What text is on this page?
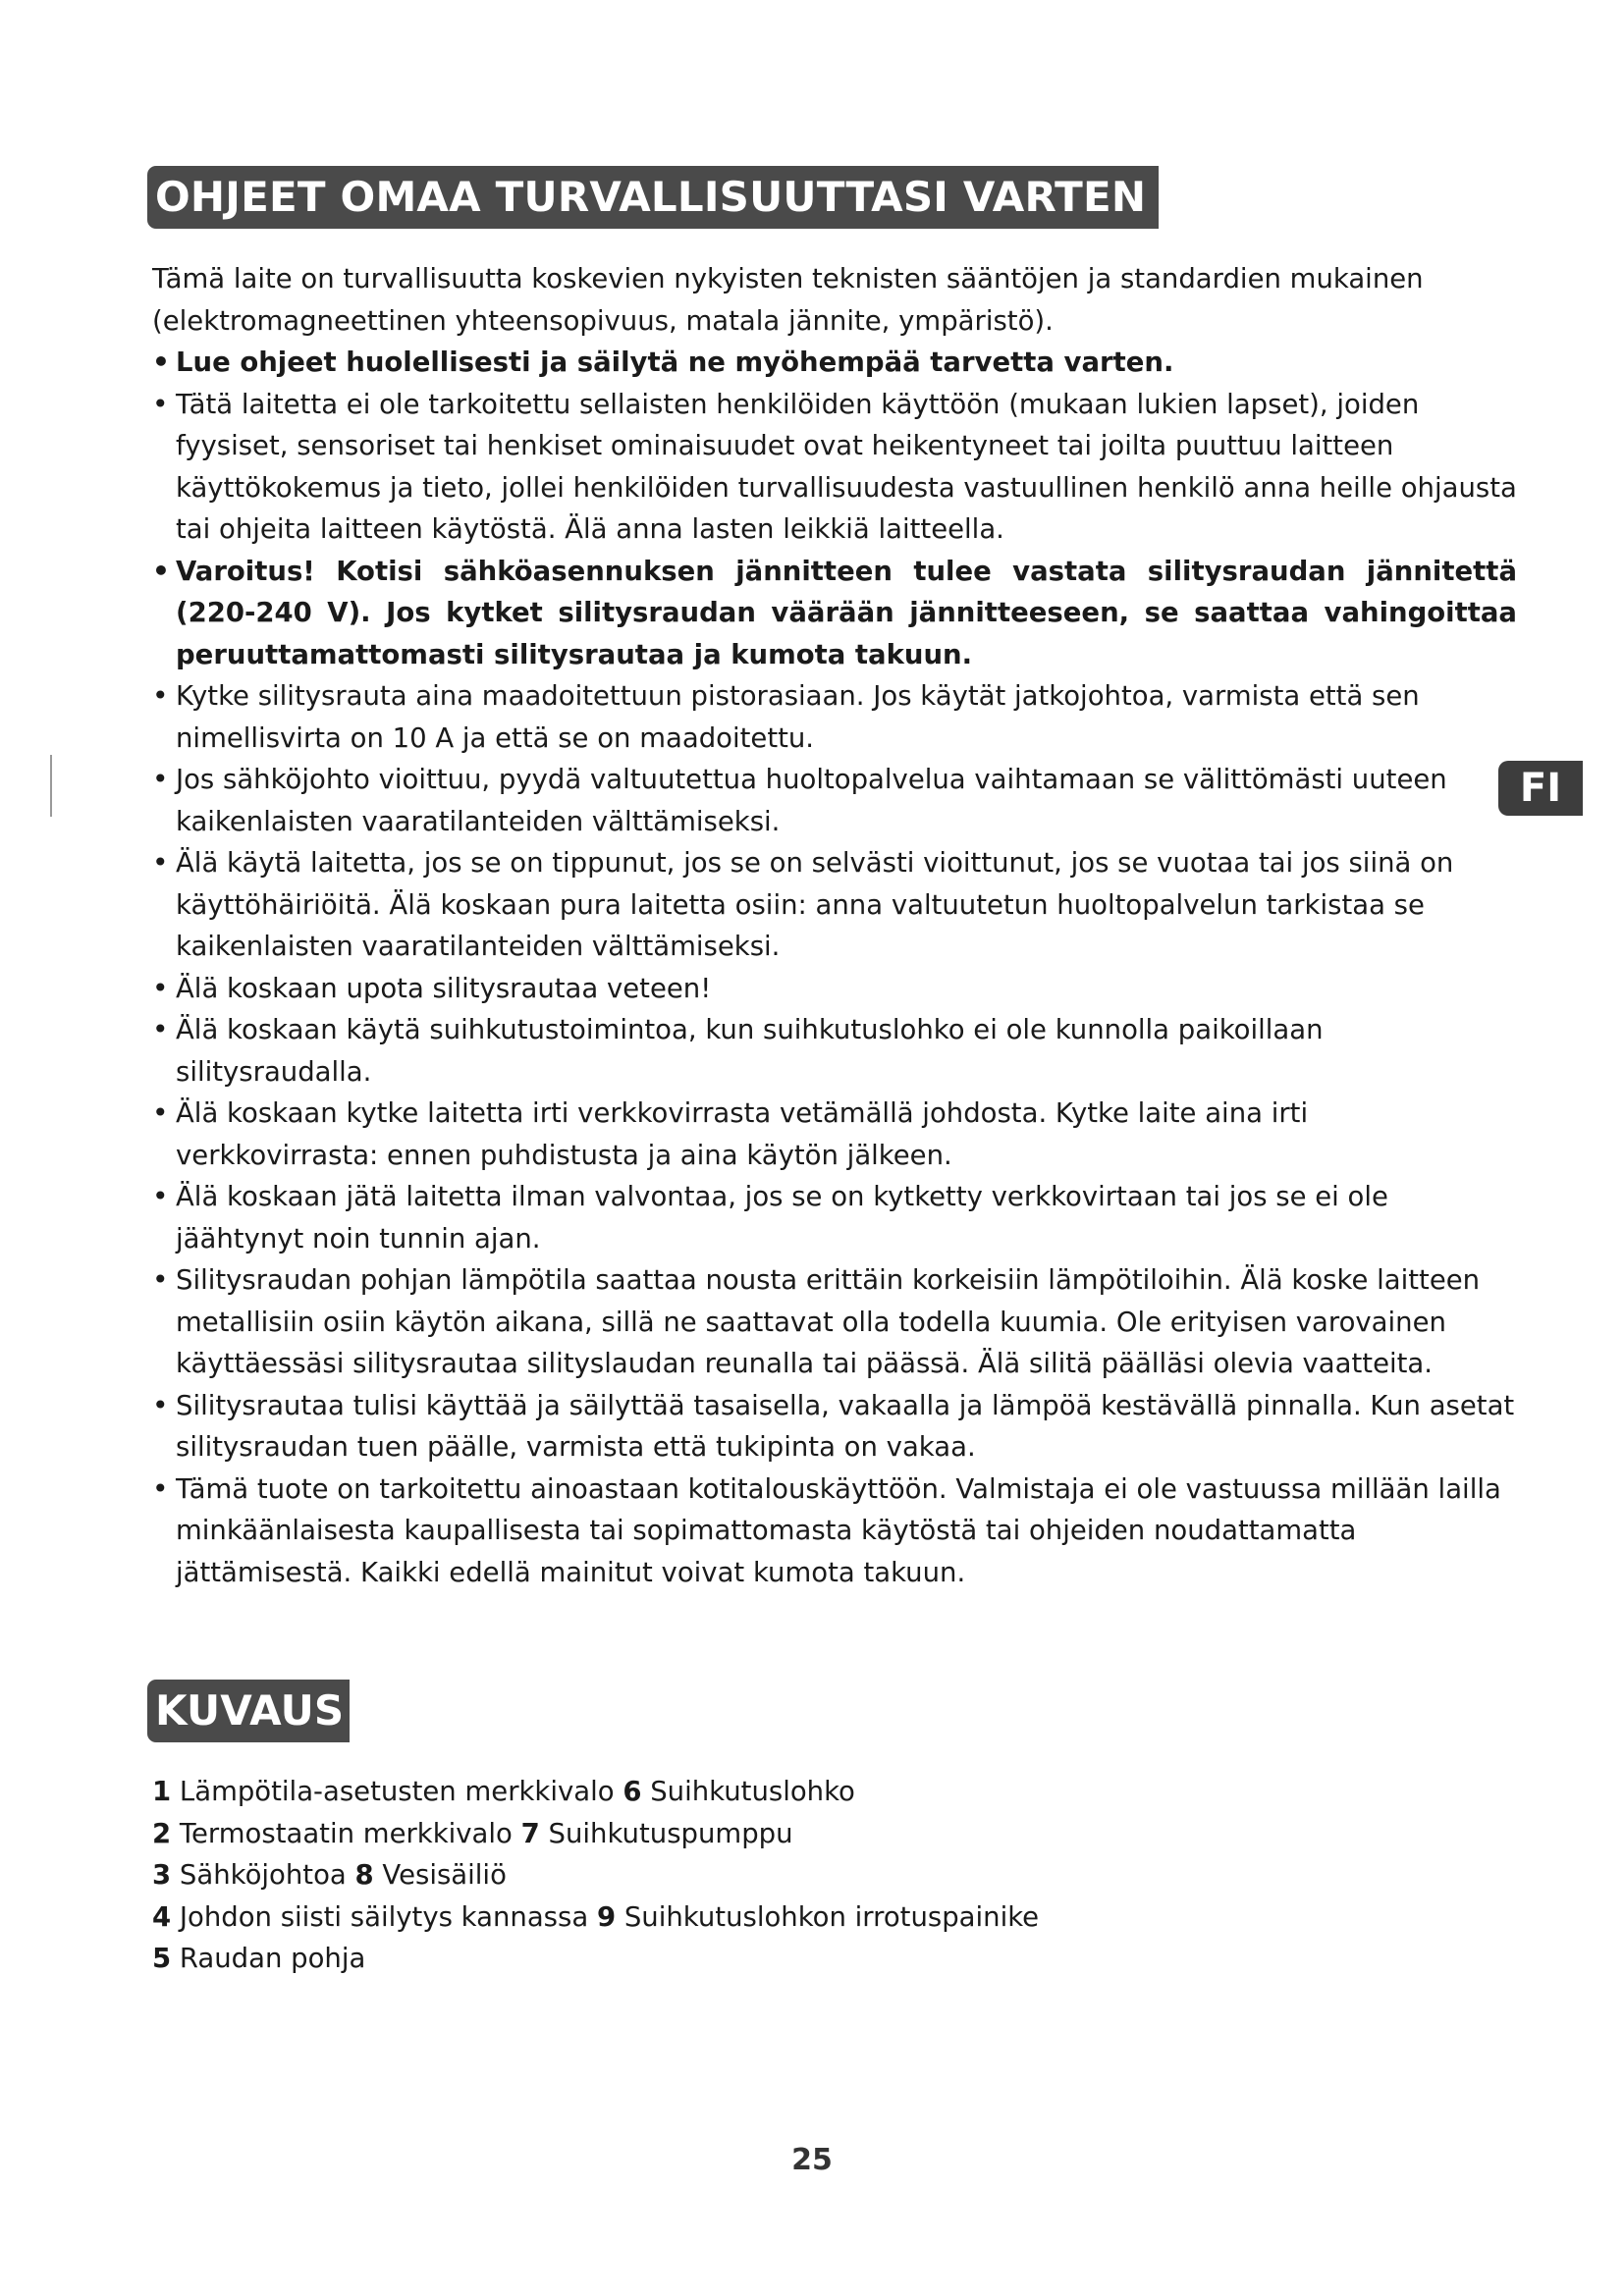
OHJEET OMAA TURVALLISUUTTASI VARTEN

Tämä laite on turvallisuutta koskevien nykyisten teknisten sääntöjen ja standardien mukainen (elektromagneettinen yhteensopivuus, matala jännite, ympäristö).

• Lue ohjeet huolellisesti ja säilytä ne myöhempää tarvetta varten.
• Tätä laitetta ei ole tarkoitettu sellaisten henkilöiden käyttöön (mukaan lukien lapset), joiden fyysiset, sensoriset tai henkiset ominaisuudet ovat heikentyneet tai joilta puuttuu laitteen käyttökokemus ja tieto, jollei henkilöiden turvallisuudesta vastuullinen henkilö anna heille ohjausta tai ohjeita laitteen käytöstä. Älä anna lasten leikkiä laitteella.
• Varoitus! Kotisi sähköasennuksen jännitteen tulee vastata silitysraudan jännitettä (220-240 V). Jos kytket silitysraudan väärään jännitteeseen, se saattaa vahingoittaa peruuttamattomasti silitysrautaa ja kumota takuun.
• Kytke silitysrauta aina maadoitettuun pistorasiaan. Jos käytät jatkojohtoa, varmista että sen nimellisvirta on 10 A ja että se on maadoitettu.
• Jos sähköjohto vioittuu, pyydä valtuutettua huoltopalvelua vaihtamaan se välittömästi uuteen kaikenlaisten vaaratilanteiden välttämiseksi.
• Älä käytä laitetta, jos se on tippunut, jos se on selvästi vioittunut, jos se vuotaa tai jos siinä on käyttöhäiriöitä. Älä koskaan pura laitetta osiin: anna valtuutetun huoltopalvelun tarkistaa se kaikenlaisten vaaratilanteiden välttämiseksi.
• Älä koskaan upota silitysrautaa veteen!
• Älä koskaan käytä suihkutustoimintoa, kun suihkutuslohko ei ole kunnolla paikoillaan silitysraudalla.
• Älä koskaan kytke laitetta irti verkkovirrasta vetämällä johdosta. Kytke laite aina irti verkkovirrasta: ennen puhdistusta ja aina käytön jälkeen.
• Älä koskaan jätä laitetta ilman valvontaa, jos se on kytketty verkkovirtaan tai jos se ei ole jäähtynyt noin tunnin ajan.
• Silitysraudan pohjan lämpötila saattaa nousta erittäin korkeisiin lämpötiloihin. Älä koske laitteen metallisiin osiin käytön aikana, sillä ne saattavat olla todella kuumia. Ole erityisen varovainen käyttäessäsi silitysrautaa silityslaudan reunalla tai päässä. Älä silitä päälläsi olevia vaatteita.
• Silitysrautaa tulisi käyttää ja säilyttää tasaisella, vakaalla ja lämpöä kestävällä pinnalla. Kun asetat silitysraudan tuen päälle, varmista että tukipinta on vakaa.
• Tämä tuote on tarkoitettu ainoastaan kotitalouskäyttöön. Valmistaja ei ole vastuussa millään lailla minkäänlaisesta kaupallisesta tai sopimattomasta käytöstä tai ohjeiden noudattamatta jättämisestä. Kaikki edellä mainitut voivat kumota takuun.
KUVAUS

1 Lämpötila-asetusten merkkivalo 6 Suihkutuslohko

2 Termostaatin merkkivalo 7 Suihkutuspumppu

3 Sähköjohtoa 8 Vesisäiliö

4 Johdon siisti säilytys kannassa 9 Suihkutuslohkon irrotuspainike

5 Raudan pohja

FI
25
